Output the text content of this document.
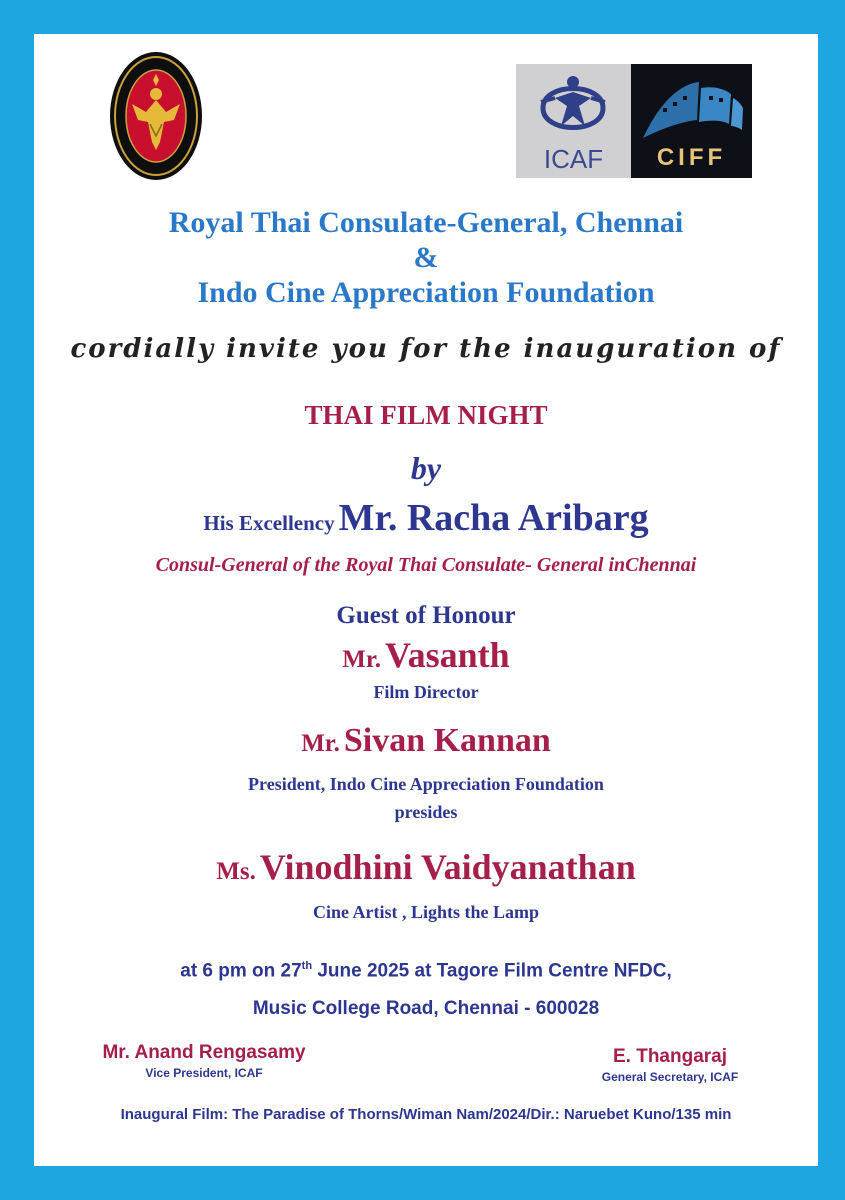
ICAF	CIFF
Royal Thai Consulate-General, Chennai
&
Indo Cine Appreciation Foundation
cordially invite you for the inauguration of
THAI FILM NIGHT
by
His Excellency Mr. Racha Aribarg
Consul-General of the Royal Thai Consulate- General inChennai
Guest of Honour
Mr. Vasanth
Film Director
Mr. Sivan Kannan
President, Indo Cine Appreciation Foundation
presides
Ms. Vinodhini Vaidyanathan
Cine Artist , Lights the Lamp
at 6 pm on 27th June 2025 at Tagore Film Centre NFDC,
Music College Road, Chennai - 600028
Mr. Anand Rengasamy
Vice President, ICAF
E. Thangaraj
General Secretary, ICAF
Inaugural Film: The Paradise of Thorns/Wiman Nam/2024/Dir.: Naruebet Kuno/135 min
